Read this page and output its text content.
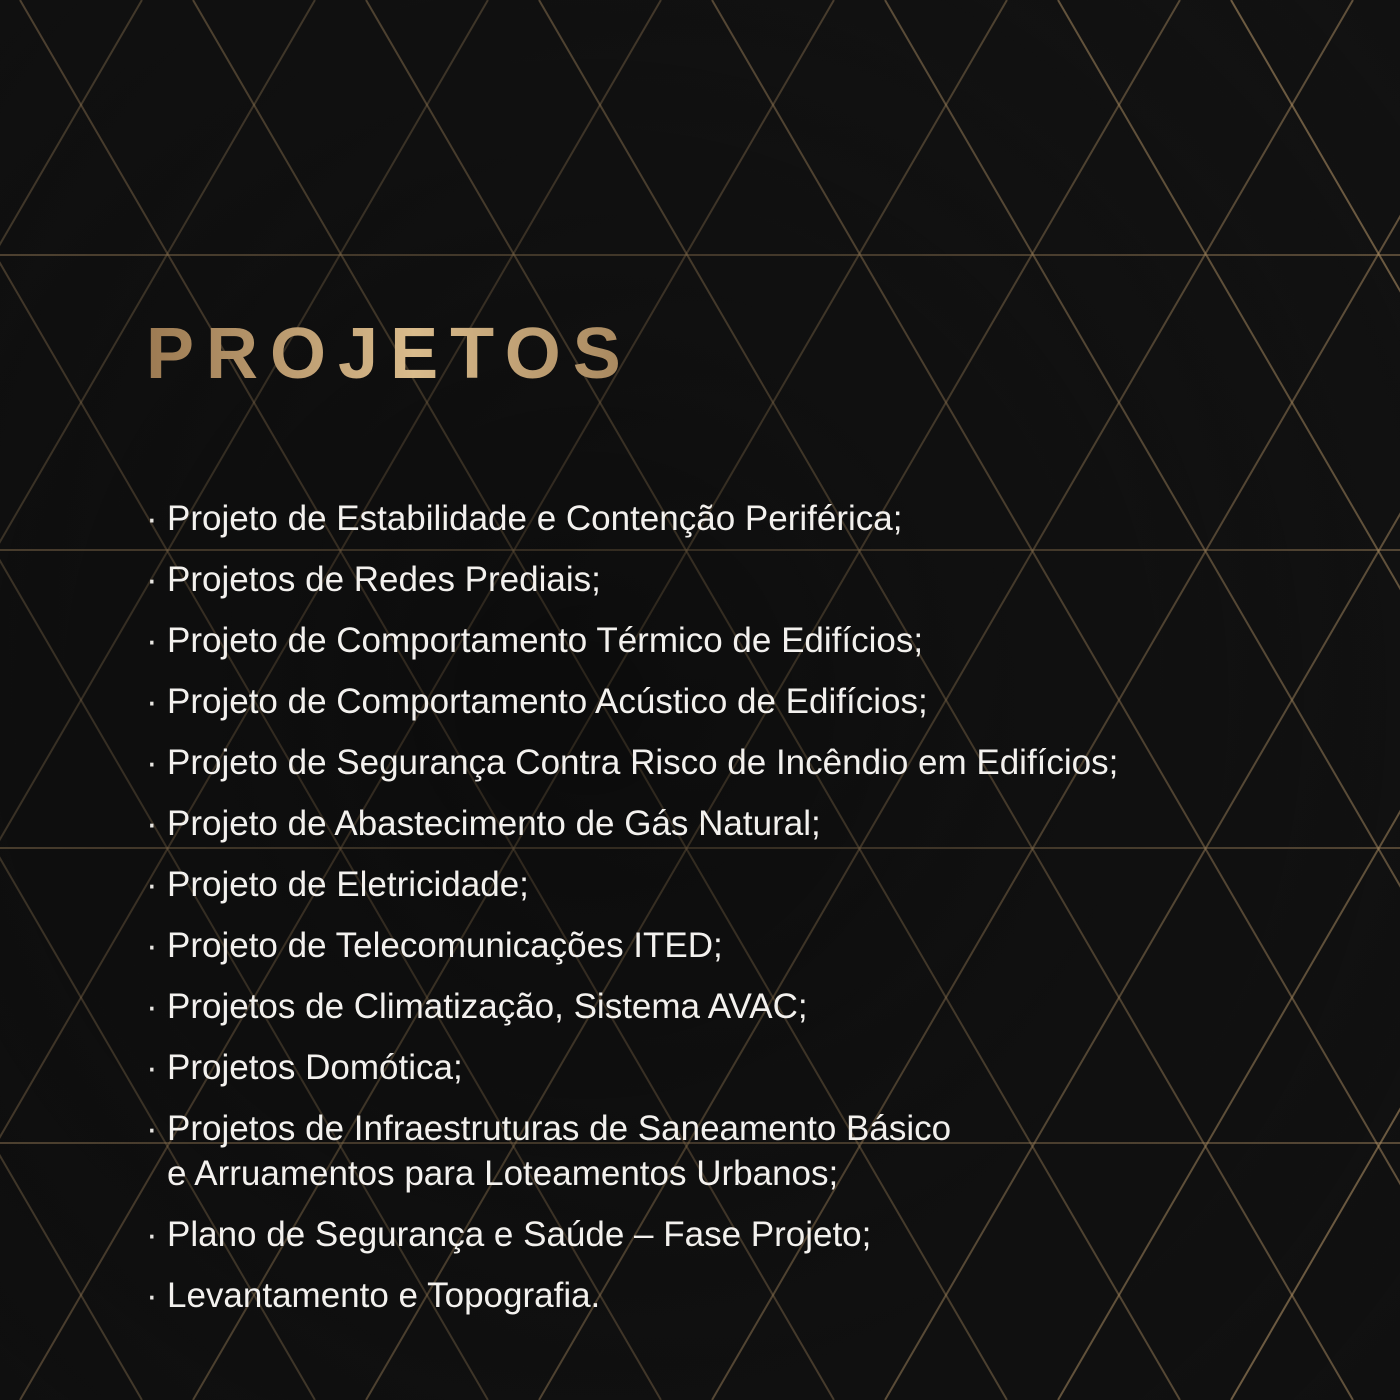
PROJETOS
· Projeto de Estabilidade e Contenção Periférica;
· Projetos de Redes Prediais;
· Projeto de Comportamento Térmico de Edifícios;
· Projeto de Comportamento Acústico de Edifícios;
· Projeto de Segurança Contra Risco de Incêndio em Edifícios;
· Projeto de Abastecimento de Gás Natural;
· Projeto de Eletricidade;
· Projeto de Telecomunicações ITED;
· Projetos de Climatização, Sistema AVAC;
· Projetos Domótica;
· Projetos de Infraestruturas de Saneamento Básico
e Arruamentos para Loteamentos Urbanos;
· Plano de Segurança e Saúde – Fase Projeto;
· Levantamento e Topografia.
